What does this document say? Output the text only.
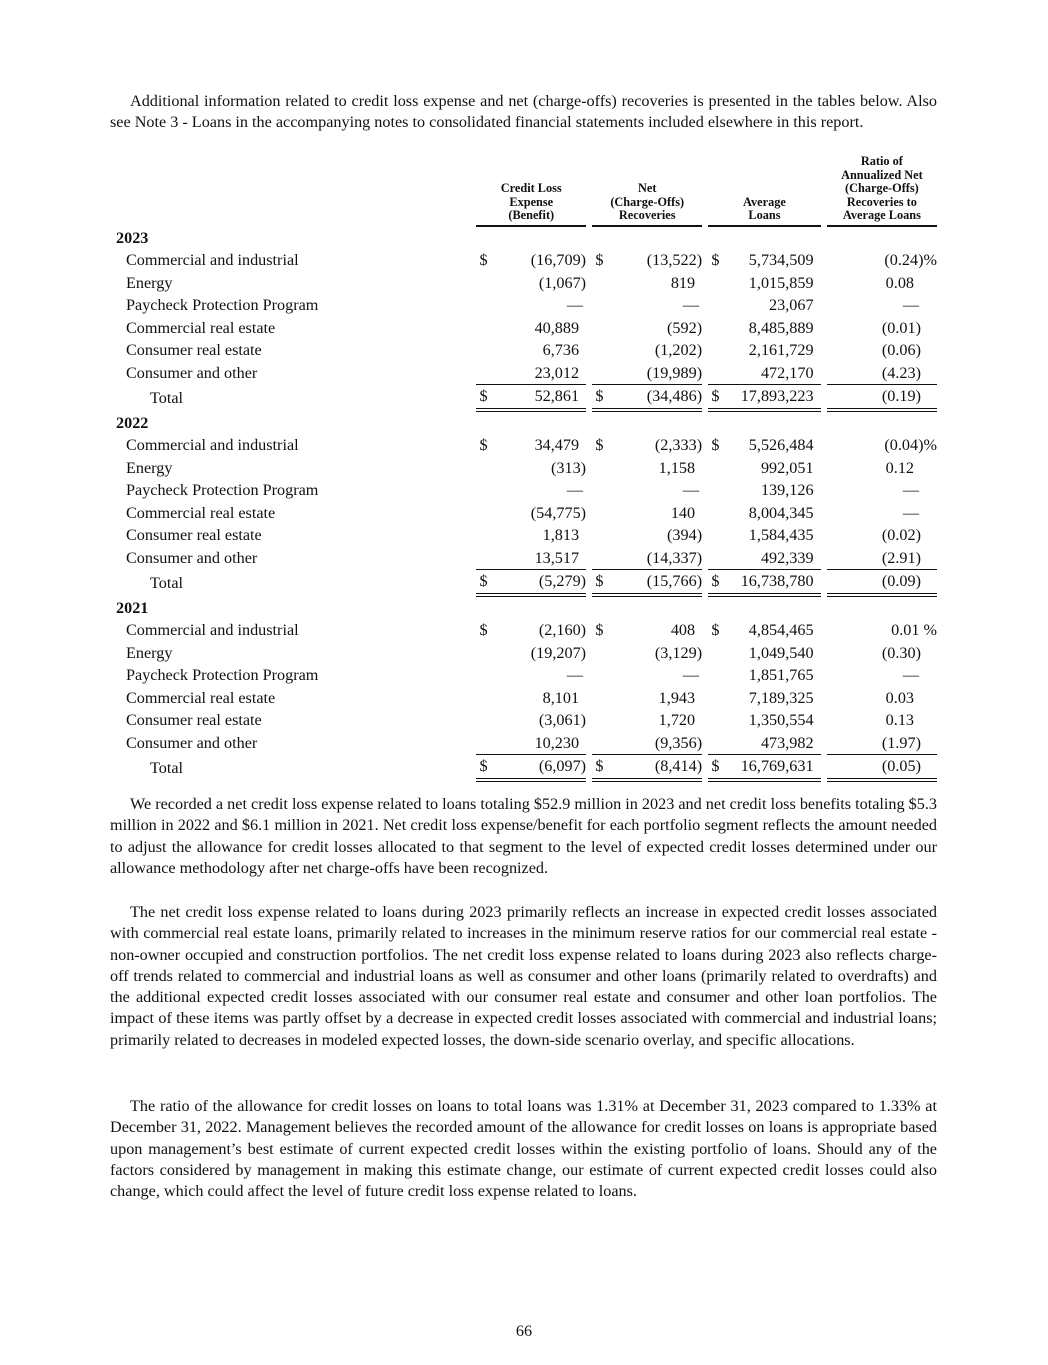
Additional information related to credit loss expense and net (charge-offs) recoveries is presented in the tables below. Also see Note 3 - Loans in the accompanying notes to consolidated financial statements included elsewhere in this report.

	Credit Loss
Expense
(Benefit)		Net
(Charge-Offs)
Recoveries		Average
Loans		Ratio of
Annualized Net
(Charge-Offs)
Recoveries to
Average Loans
2023							
Commercial and industrial	$ (16,709)		$ (13,522)		$ 5,734,509		(0.24)%
Energy	(1,067)		819		1,015,859		0.08
Paycheck Protection Program	—		—		23,067		—
Commercial real estate	40,889		(592)		8,485,889		(0.01)
Consumer real estate	6,736		(1,202)		2,161,729		(0.06)
Consumer and other	23,012		(19,989)		472,170		(4.23)
Total	$ 52,861		$ (34,486)		$ 17,893,223		(0.19)
2022							
Commercial and industrial	$ 34,479		$ (2,333)		$ 5,526,484		(0.04)%
Energy	(313)		1,158		992,051		0.12
Paycheck Protection Program	—		—		139,126		—
Commercial real estate	(54,775)		140		8,004,345		—
Consumer real estate	1,813		(394)		1,584,435		(0.02)
Consumer and other	13,517		(14,337)		492,339		(2.91)
Total	$ (5,279)		$ (15,766)		$ 16,738,780		(0.09)
2021							
Commercial and industrial	$ (2,160)		$ 408		$ 4,854,465		0.01 %
Energy	(19,207)		(3,129)		1,049,540		(0.30)
Paycheck Protection Program	—		—		1,851,765		—
Commercial real estate	8,101		1,943		7,189,325		0.03
Consumer real estate	(3,061)		1,720		1,350,554		0.13
Consumer and other	10,230		(9,356)		473,982		(1.97)
Total	$ (6,097)		$ (8,414)		$ 16,769,631		(0.05)

We recorded a net credit loss expense related to loans totaling $52.9 million in 2023 and net credit loss benefits totaling $5.3 million in 2022 and $6.1 million in 2021. Net credit loss expense/benefit for each portfolio segment reflects the amount needed to adjust the allowance for credit losses allocated to that segment to the level of expected credit losses determined under our allowance methodology after net charge-offs have been recognized.

The net credit loss expense related to loans during 2023 primarily reflects an increase in expected credit losses associated with commercial real estate loans, primarily related to increases in the minimum reserve ratios for our commercial real estate - non-owner occupied and construction portfolios. The net credit loss expense related to loans during 2023 also reflects charge-off trends related to commercial and industrial loans as well as consumer and other loans (primarily related to overdrafts) and the additional expected credit losses associated with our consumer real estate and consumer and other loan portfolios. The impact of these items was partly offset by a decrease in expected credit losses associated with commercial and industrial loans; primarily related to decreases in modeled expected losses, the down-side scenario overlay, and specific allocations.

The ratio of the allowance for credit losses on loans to total loans was 1.31% at December 31, 2023 compared to 1.33% at December 31, 2022. Management believes the recorded amount of the allowance for credit losses on loans is appropriate based upon management’s best estimate of current expected credit losses within the existing portfolio of loans. Should any of the factors considered by management in making this estimate change, our estimate of current expected credit losses could also change, which could affect the level of future credit loss expense related to loans.

66
